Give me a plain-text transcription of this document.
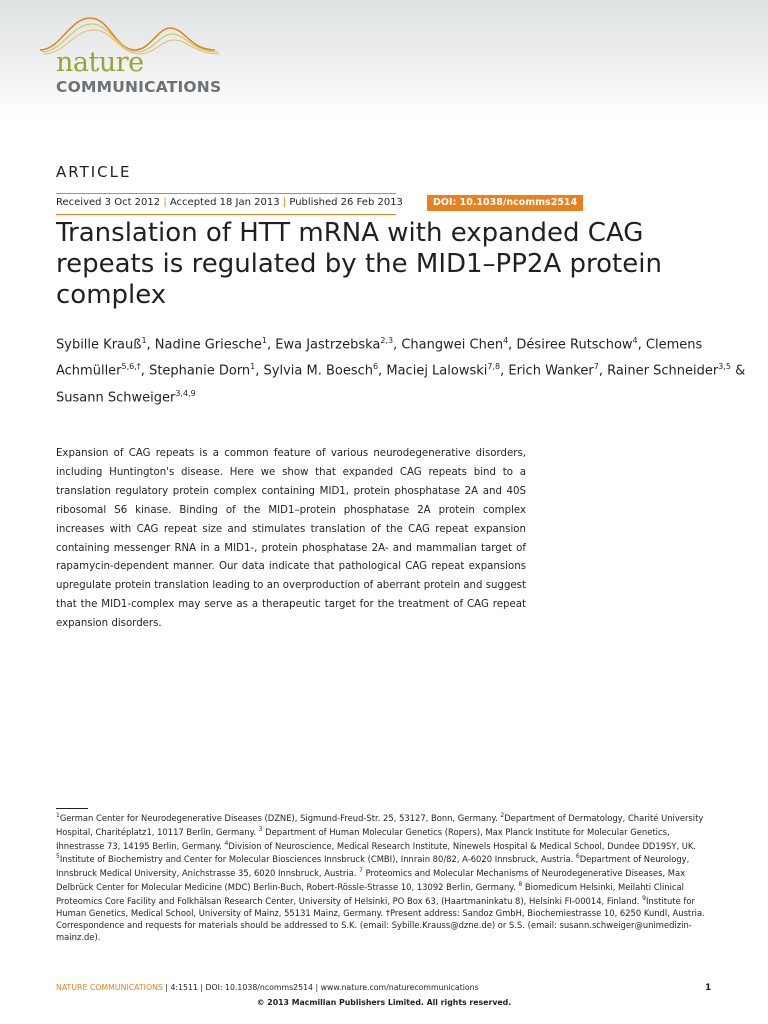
nature
COMMUNICATIONS
ARTICLE
Received 3 Oct 2012 | Accepted 18 Jan 2013 | Published 26 Feb 2013	DOI: 10.1038/ncomms2514
Translation of HTT mRNA with expanded CAG repeats is regulated by the MID1–PP2A protein complex
Sybille Krauß$^1$, Nadine Griesche$^1$, Ewa Jastrzebska$^{2,3}$, Changwei Chen$^4$, Désiree Rutschow$^4$, Clemens Achmüller$^{5,6,\dagger}$, Stephanie Dorn$^1$, Sylvia M. Boesch$^6$, Maciej Lalowski$^{7,8}$, Erich Wanker$^7$, Rainer Schneider$^{3,5}$ & Susann Schweiger$^{3,4,9}$

Expansion of CAG repeats is a common feature of various neurodegenerative disorders, including Huntington's disease. Here we show that expanded CAG repeats bind to a translation regulatory protein complex containing MID1, protein phosphatase 2A and 40S ribosomal S6 kinase. Binding of the MID1–protein phosphatase 2A protein complex increases with CAG repeat size and stimulates translation of the CAG repeat expansion containing messenger RNA in a MID1-, protein phosphatase 2A- and mammalian target of rapamycin-dependent manner. Our data indicate that pathological CAG repeat expansions upregulate protein translation leading to an overproduction of aberrant protein and suggest that the MID1-complex may serve as a therapeutic target for the treatment of CAG repeat expansion disorders.

$^1$German Center for Neurodegenerative Diseases (DZNE), Sigmund-Freud-Str. 25, 53127, Bonn, Germany. $^2$Department of Dermatology, Charité University Hospital, Charitéplatz1, 10117 Berlin, Germany. $^3$ Department of Human Molecular Genetics (Ropers), Max Planck Institute for Molecular Genetics, Ihnestrasse 73, 14195 Berlin, Germany. $^4$Division of Neuroscience, Medical Research Institute, Ninewels Hospital & Medical School, Dundee DD19SY, UK. $^5$Institute of Biochemistry and Center for Molecular Biosciences Innsbruck (CMBI), Innrain 80/82, A-6020 Innsbruck, Austria. $^6$Department of Neurology, Innsbruck Medical University, Anichstrasse 35, 6020 Innsbruck, Austria. $^7$ Proteomics and Molecular Mechanisms of Neurodegenerative Diseases, Max Delbrück Center for Molecular Medicine (MDC) Berlin-Buch, Robert-Rössle-Strasse 10, 13092 Berlin, Germany. $^8$ Biomedicum Helsinki, Meilahti Clinical Proteomics Core Facility and Folkhälsan Research Center, University of Helsinki, PO Box 63, (Haartmaninkatu 8), Helsinki FI-00014, Finland. $^9$Institute for Human Genetics, Medical School, University of Mainz, 55131 Mainz, Germany. †Present address: Sandoz GmbH, Biochemiestrasse 10, 6250 Kundl, Austria. Correspondence and requests for materials should be addressed to S.K. (email: Sybille.Krauss@dzne.de) or S.S. (email: susann.schweiger@unimedizin-mainz.de).

NATURE COMMUNICATIONS | 4:1511 | DOI: 10.1038/ncomms2514 | www.nature.com/naturecommunications	1
© 2013 Macmillan Publishers Limited. All rights reserved.
